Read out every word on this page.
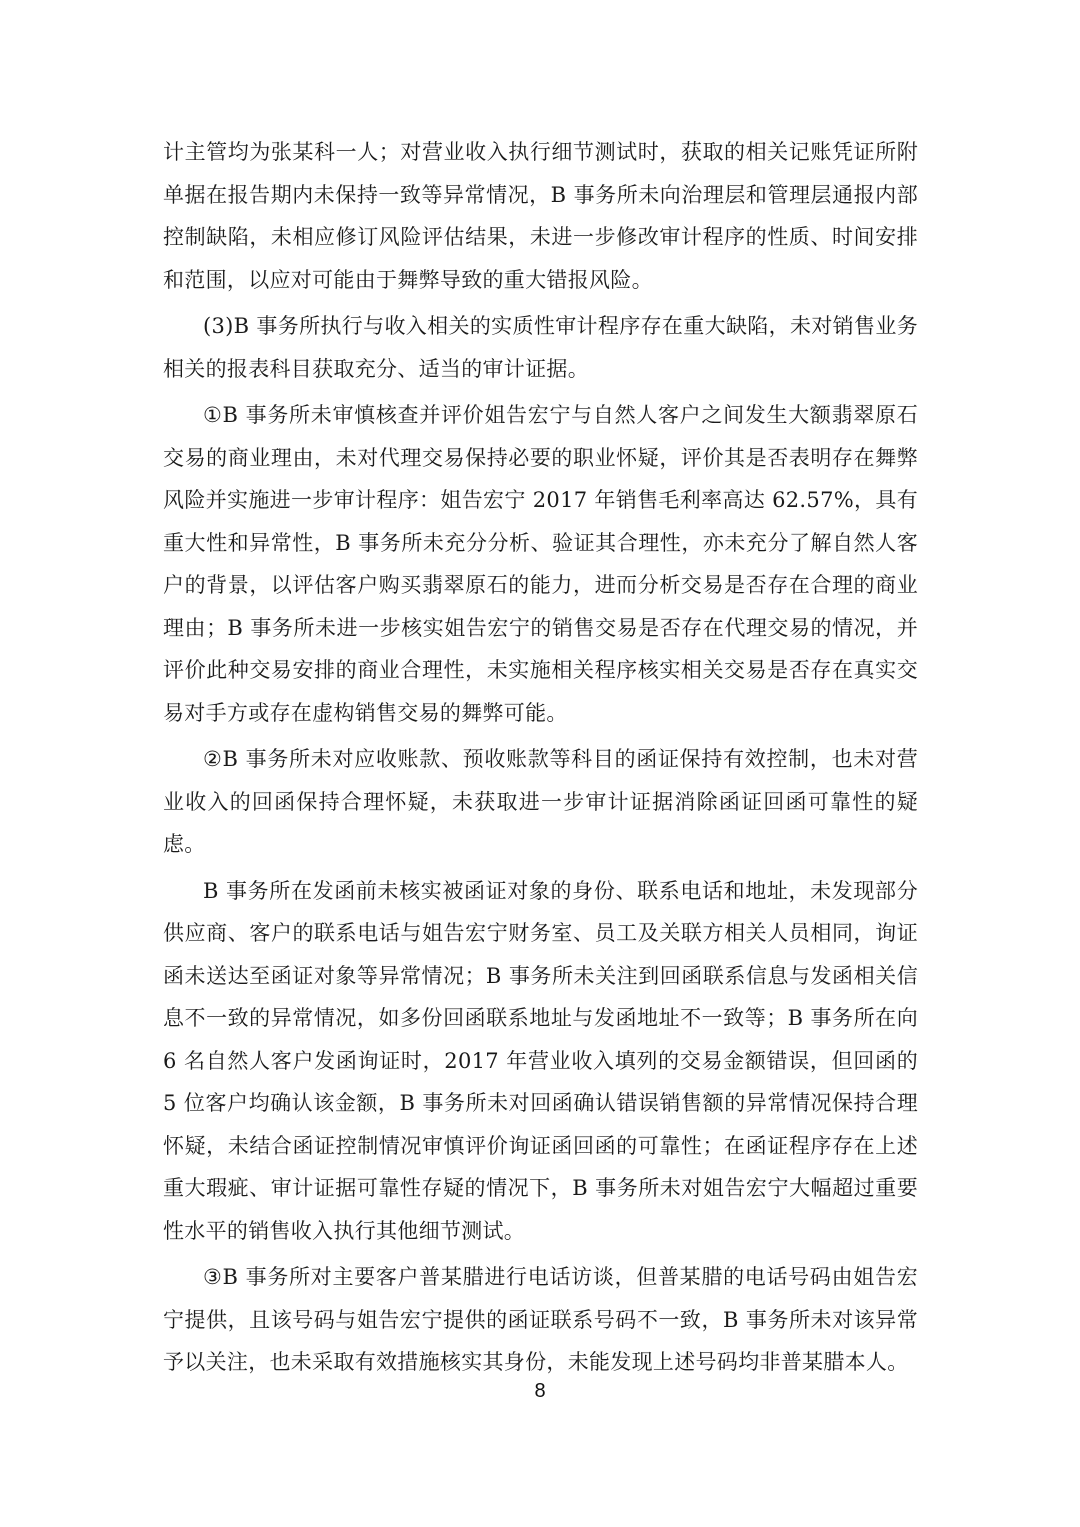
计主管均为张某科一人；对营业收入执行细节测试时，获取的相关记账凭证所附单据在报告期内未保持一致等异常情况，B 事务所未向治理层和管理层通报内部控制缺陷，未相应修订风险评估结果，未进一步修改审计程序的性质、时间安排和范围，以应对可能由于舞弊导致的重大错报风险。

(3)B 事务所执行与收入相关的实质性审计程序存在重大缺陷，未对销售业务相关的报表科目获取充分、适当的审计证据。

①B 事务所未审慎核查并评价姐告宏宁与自然人客户之间发生大额翡翠原石交易的商业理由，未对代理交易保持必要的职业怀疑，评价其是否表明存在舞弊风险并实施进一步审计程序：姐告宏宁 2017 年销售毛利率高达 62.57%，具有重大性和异常性，B 事务所未充分分析、验证其合理性，亦未充分了解自然人客户的背景，以评估客户购买翡翠原石的能力，进而分析交易是否存在合理的商业理由；B 事务所未进一步核实姐告宏宁的销售交易是否存在代理交易的情况，并评价此种交易安排的商业合理性，未实施相关程序核实相关交易是否存在真实交易对手方或存在虚构销售交易的舞弊可能。

②B 事务所未对应收账款、预收账款等科目的函证保持有效控制，也未对营业收入的回函保持合理怀疑，未获取进一步审计证据消除函证回函可靠性的疑虑。

B 事务所在发函前未核实被函证对象的身份、联系电话和地址，未发现部分供应商、客户的联系电话与姐告宏宁财务室、员工及关联方相关人员相同，询证函未送达至函证对象等异常情况；B 事务所未关注到回函联系信息与发函相关信息不一致的异常情况，如多份回函联系地址与发函地址不一致等；B 事务所在向 6 名自然人客户发函询证时，2017 年营业收入填列的交易金额错误，但回函的 5 位客户均确认该金额，B 事务所未对回函确认错误销售额的异常情况保持合理怀疑，未结合函证控制情况审慎评价询证函回函的可靠性；在函证程序存在上述重大瑕疵、审计证据可靠性存疑的情况下，B 事务所未对姐告宏宁大幅超过重要性水平的销售收入执行其他细节测试。

③B 事务所对主要客户普某腊进行电话访谈，但普某腊的电话号码由姐告宏宁提供，且该号码与姐告宏宁提供的函证联系号码不一致，B 事务所未对该异常予以关注，也未采取有效措施核实其身份，未能发现上述号码均非普某腊本人。

8
